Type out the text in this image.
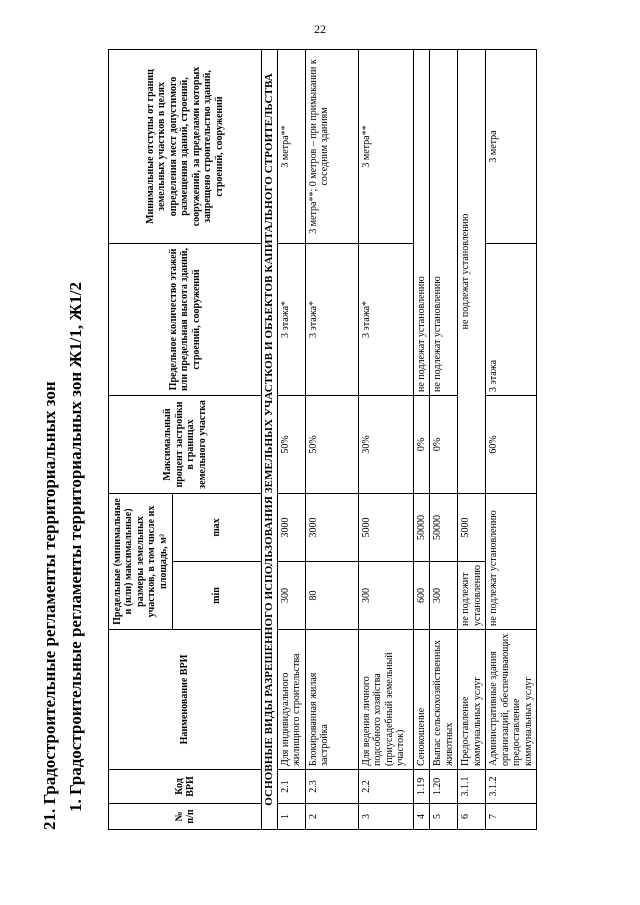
22
21. Градостроительные регламенты территориальных зон 1. Градостроительные регламенты территориальных зон Ж1/1, Ж1/2
№ п/п	Код ВРИ	Наименование ВРИ	Предельные (минимальные и (или) максимальные) размеры земельных участков, в том числе их площадь, м²		Максимальный процент застройки в границах земельного участка	Предельное количество этажей или предельная высота зданий, строений, сооружений	Минимальные отступы от границ земельных участков в целях определения мест допустимого размещения зданий, строений, сооружений, за пределами которых запрещено строительство зданий, строений, сооружений
			min	max			
ОСНОВНЫЕ ВИДЫ РАЗРЕШЕННОГО ИСПОЛЬЗОВАНИЯ ЗЕМЕЛЬНЫХ УЧАСТКОВ И ОБЪЕКТОВ КАПИТАЛЬНОГО СТРОИТЕЛЬСТВА							
1	2.1	Для индивидуального жилищного строительства	300	3000	50%	3 этажа*	3 метра**
2	2.3	Блокированная жилая застройка	80	3000	50%	3 этажа*	3 метра**; 0 метров – при примыкании к соседним зданиям
3	2.2	Для ведения личного подсобного хозяйства (приусадебный земельный участок)	300	5000	30%	3 этажа*	3 метра**
4	1.19	Сенокошение	600	50000	0%	не подлежат установлению	
5	1.20	Выпас сельскохозяйственных животных	300	50000	0%	не подлежат установлению	
6	3.1.1	Предоставление коммунальных услуг	не подлежит установлению	5000	не подлежат установлению		
7	3.1.2	Административные здания организаций, обеспечивающих предоставление коммунальных услуг	не подлежат установлению		60%	3 этажа	3 метра
